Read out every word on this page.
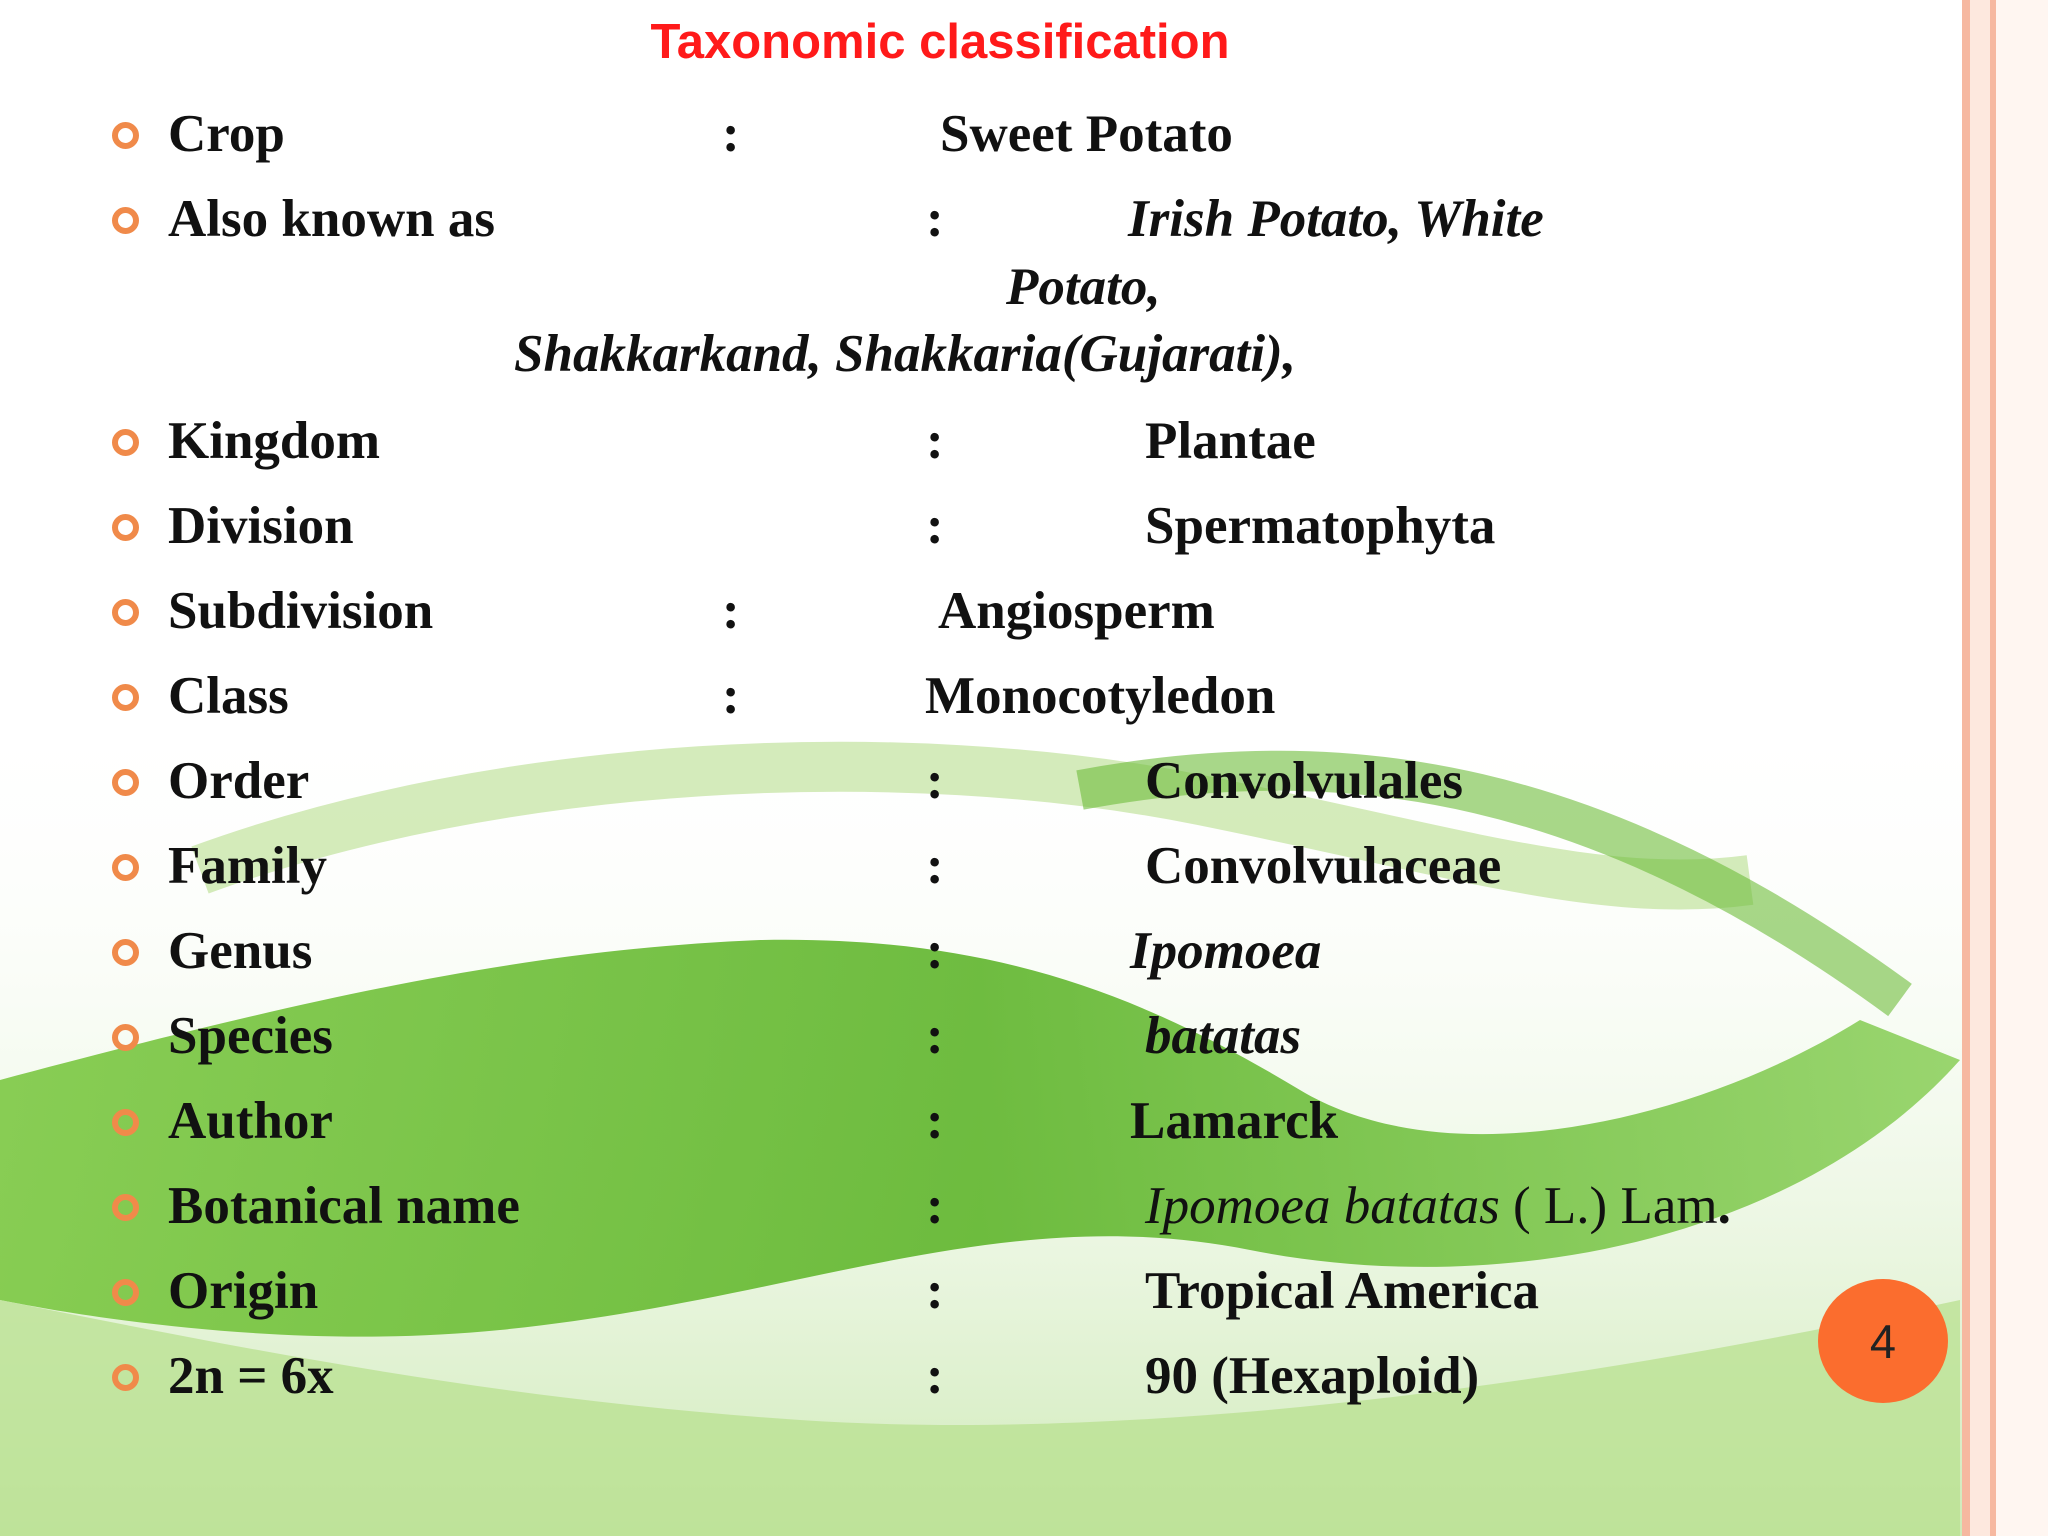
Taxonomic classification
Crop	:	Sweet Potato
Also known as	:	Irish Potato, White
Potato,
Shakkarkand, Shakkaria(Gujarati),
Kingdom	:	Plantae
Division	:	Spermatophyta
Subdivision	:	Angiosperm
Class	:	Monocotyledon
Order	:	Convolvulales
Family	:	Convolvulaceae
Genus	:	Ipomoea
Species	:	batatas
Author	:	Lamarck
Botanical name	:	Ipomoea batatas ( L.) Lam.
Origin	:	Tropical America
2n = 6x	:	90 (Hexaploid)
4
